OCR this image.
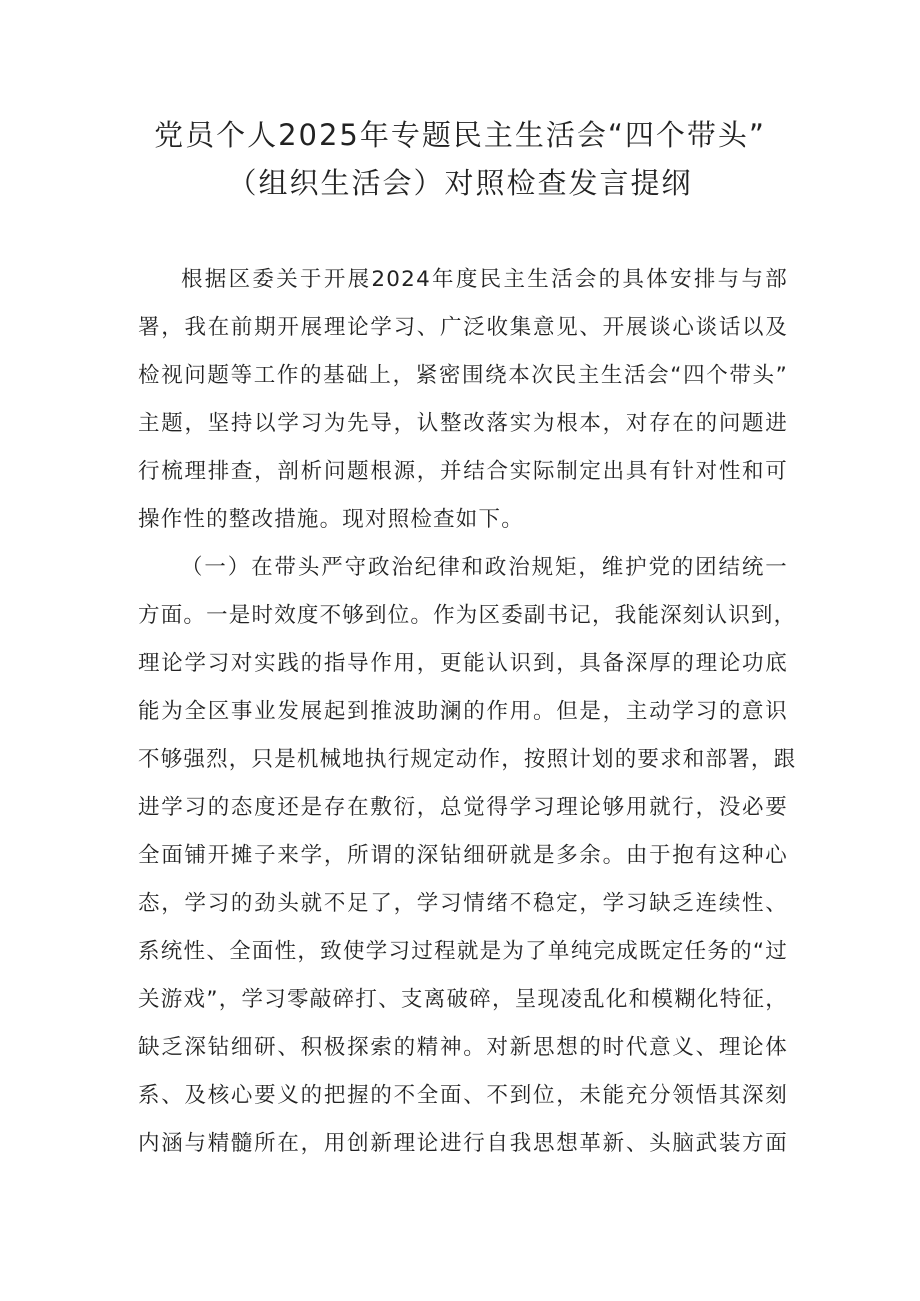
党员个人2025年专题民主生活会“四个带头”
（组织生活会）对照检查发言提纲
根据区委关于开展2024年度民主生活会的具体安排与与部
署，我在前期开展理论学习、广泛收集意见、开展谈心谈话以及
检视问题等工作的基础上，紧密围绕本次民主生活会“四个带头”
主题，坚持以学习为先导，认整改落实为根本，对存在的问题进
行梳理排查，剖析问题根源，并结合实际制定出具有针对性和可
操作性的整改措施。现对照检查如下。
（一）在带头严守政治纪律和政治规矩，维护党的团结统一
方面。一是时效度不够到位。作为区委副书记，我能深刻认识到，
理论学习对实践的指导作用，更能认识到，具备深厚的理论功底
能为全区事业发展起到推波助澜的作用。但是，主动学习的意识
不够强烈，只是机械地执行规定动作，按照计划的要求和部署，跟
进学习的态度还是存在敷衍，总觉得学习理论够用就行，没必要
全面铺开摊子来学，所谓的深钻细研就是多余。由于抱有这种心
态，学习的劲头就不足了，学习情绪不稳定，学习缺乏连续性、
系统性、全面性，致使学习过程就是为了单纯完成既定任务的“过
关游戏”，学习零敲碎打、支离破碎，呈现凌乱化和模糊化特征，
缺乏深钻细研、积极探索的精神。对新思想的时代意义、理论体
系、及核心要义的把握的不全面、不到位，未能充分领悟其深刻
内涵与精髓所在，用创新理论进行自我思想革新、头脑武装方面
